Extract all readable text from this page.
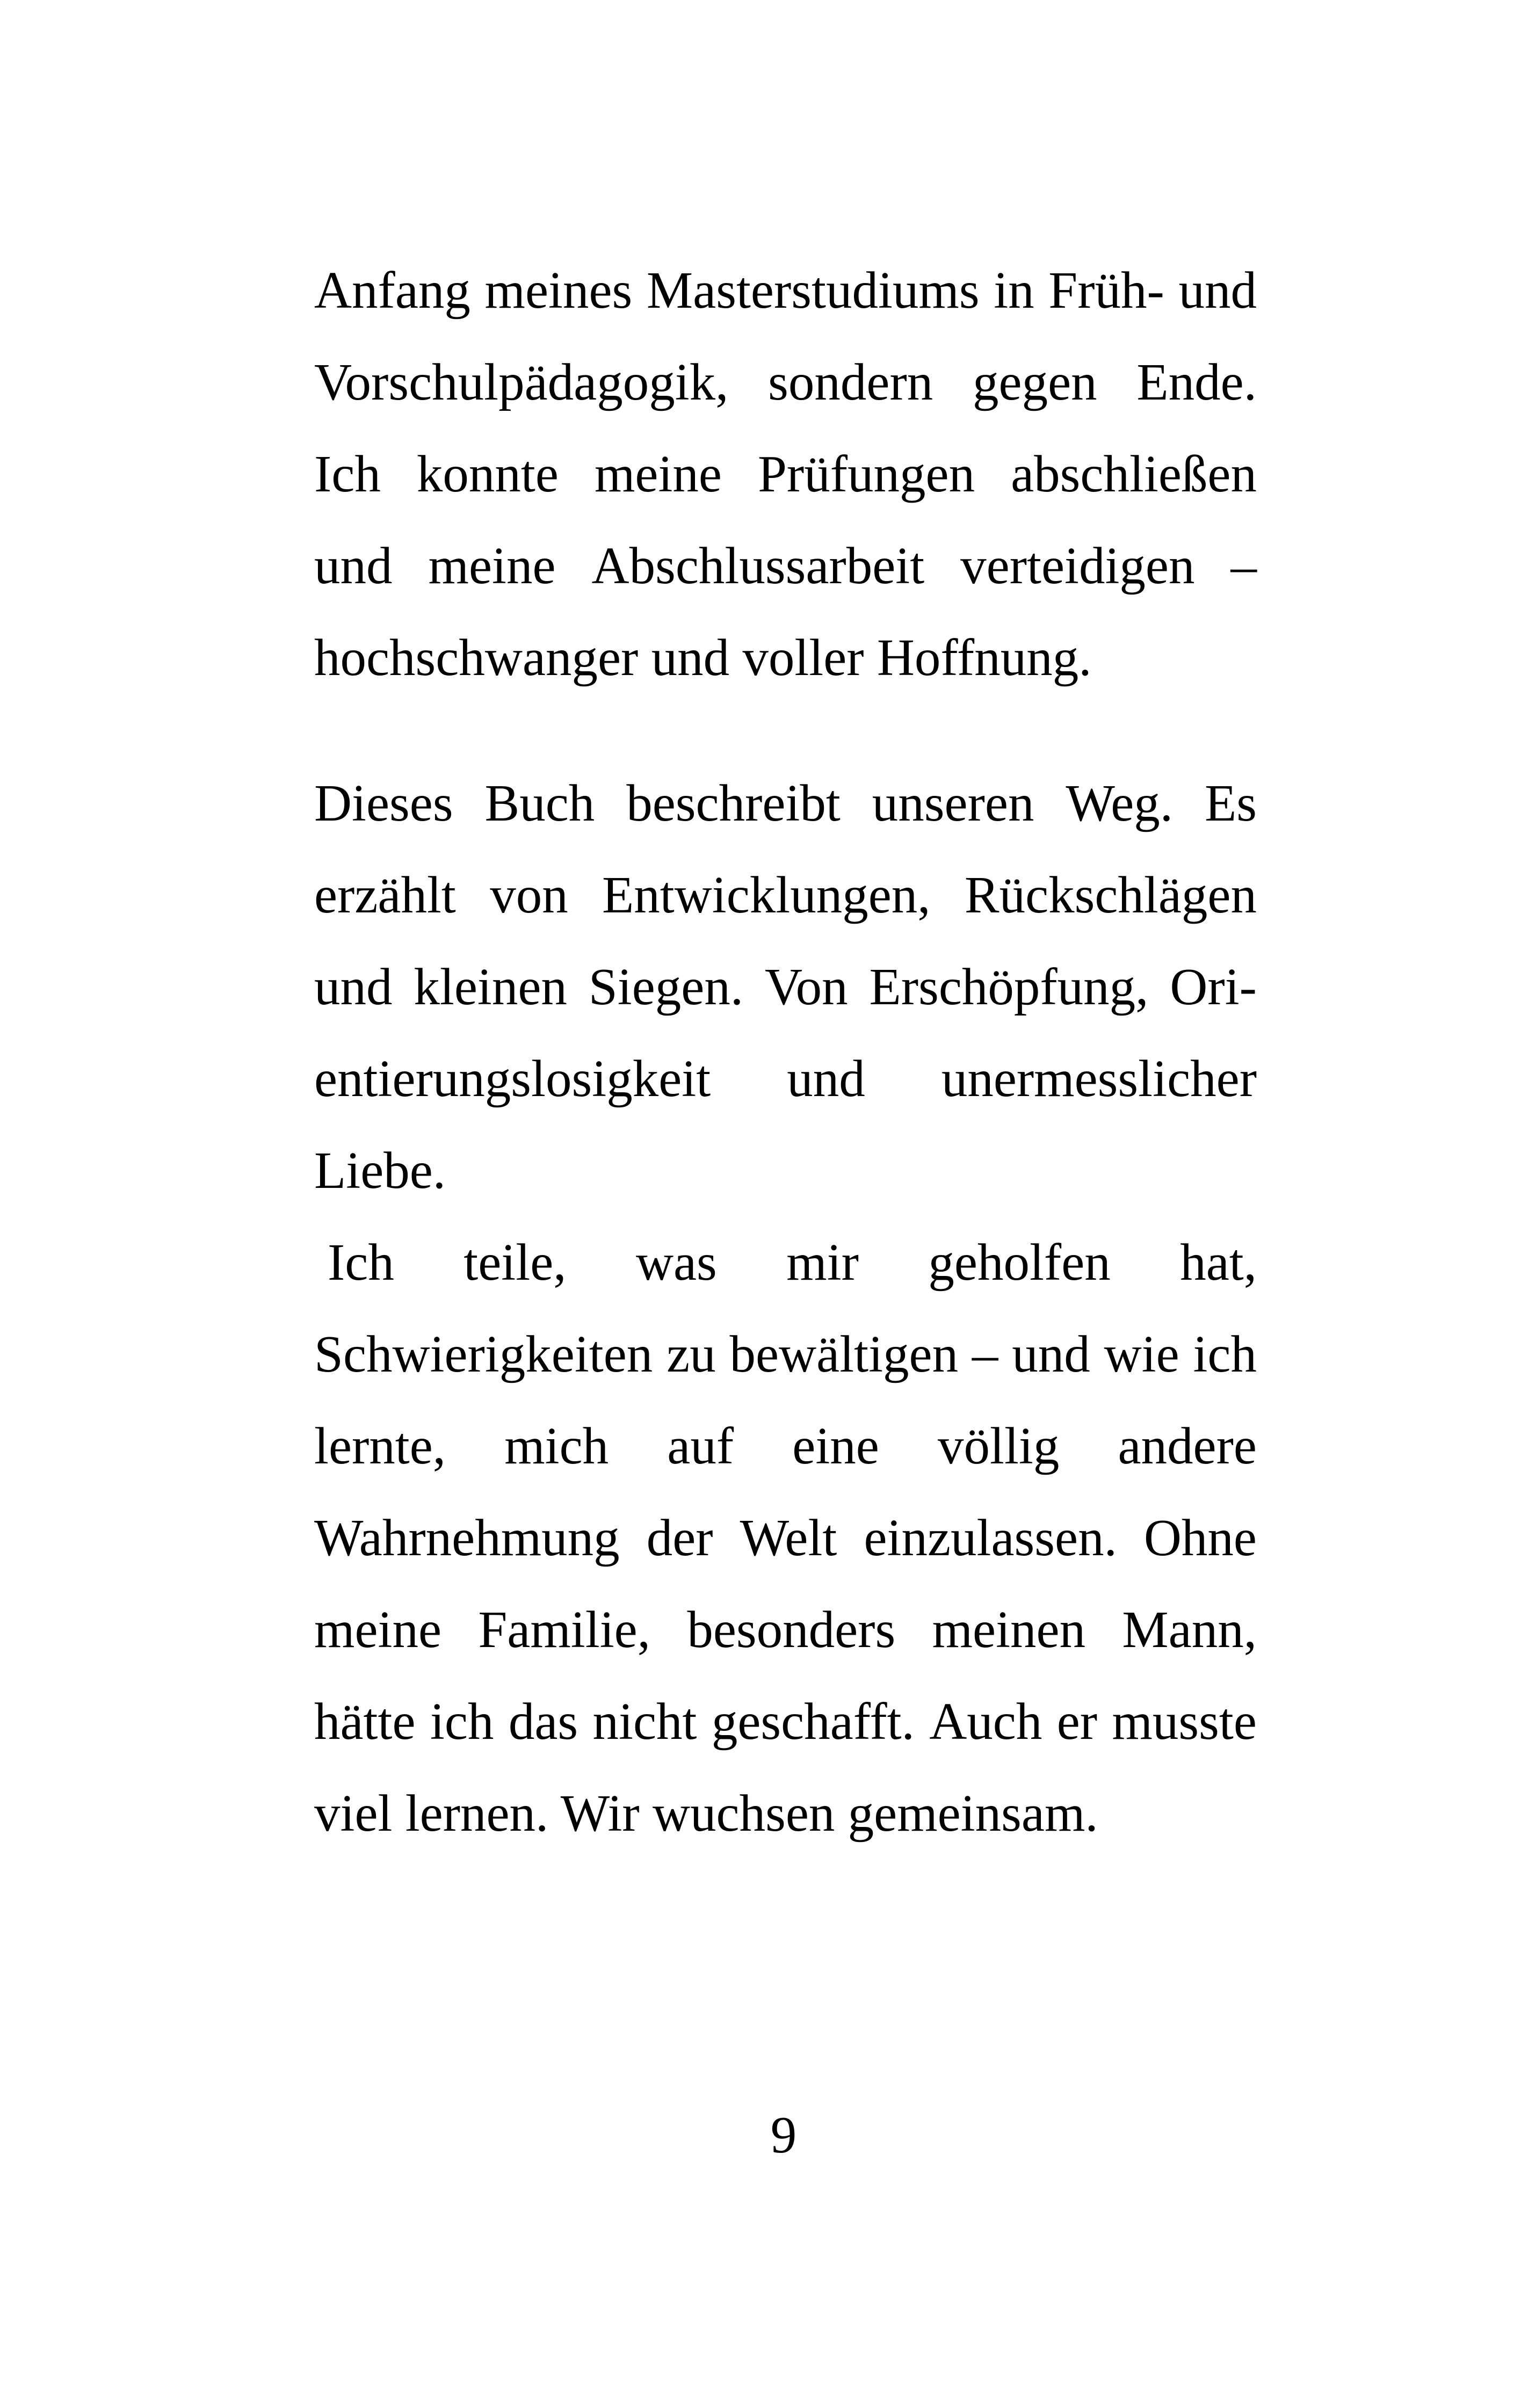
Anfang meines Masterstudiums in Früh- und
Vorschulpädagogik, sondern gegen Ende.
Ich konnte meine Prüfungen abschließen
und meine Abschlussarbeit verteidigen –
hochschwanger und voller Hoffnung.
Dieses Buch beschreibt unseren Weg. Es
erzählt von Entwicklungen, Rückschlägen
und kleinen Siegen. Von Erschöpfung, Ori-
entierungslosigkeit und unermesslicher
Liebe.
Ich teile, was mir geholfen hat,
Schwierigkeiten zu bewältigen – und wie ich
lernte, mich auf eine völlig andere
Wahrnehmung der Welt einzulassen. Ohne
meine Familie, besonders meinen Mann,
hätte ich das nicht geschafft. Auch er musste
viel lernen. Wir wuchsen gemeinsam.
9
